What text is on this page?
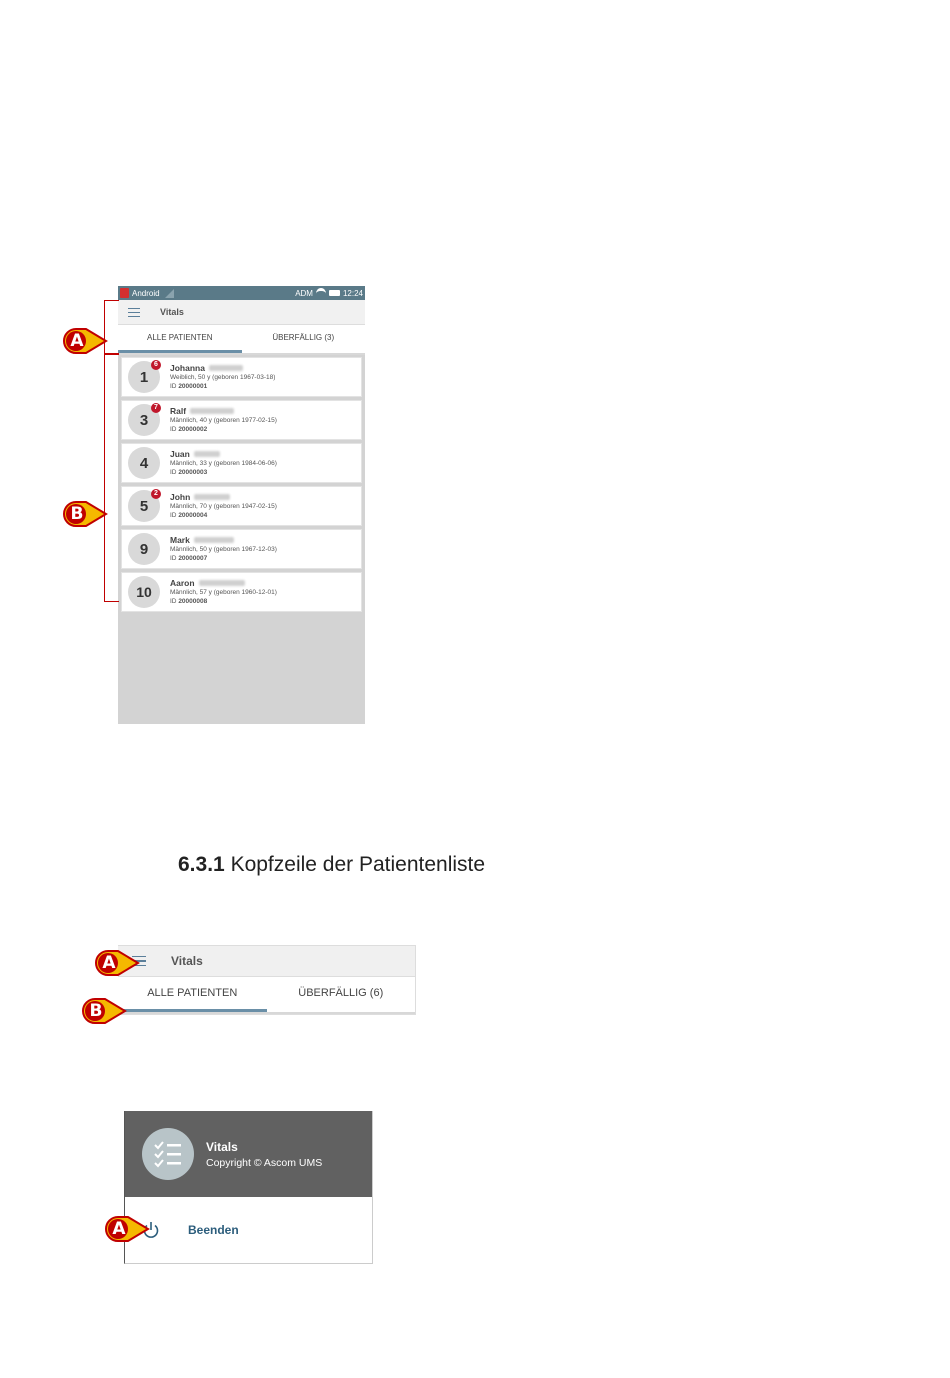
Android	ADM	12:24
Vitals
ALLE PATIENTEN	ÜBERFÄLLIG (3)
1
6	Johanna
Weiblich, 50 y (geboren 1967-03-18)
ID 20000001
3
7	Ralf
Männlich, 40 y (geboren 1977-02-15)
ID 20000002
4
Juan
Männlich, 33 y (geboren 1984-06-06)
ID 20000003
5
2	John
Männlich, 70 y (geboren 1947-02-15)
ID 20000004
9
Mark
Männlich, 50 y (geboren 1967-12-03)
ID 20000007
10
Aaron
Männlich, 57 y (geboren 1960-12-01)
ID 20000008
A
B
6.3.1 Kopfzeile der Patientenliste
Vitals
ALLE PATIENTEN	ÜBERFÄLLIG (6)
A
B
Vitals
Copyright © Ascom UMS
Beenden
A
